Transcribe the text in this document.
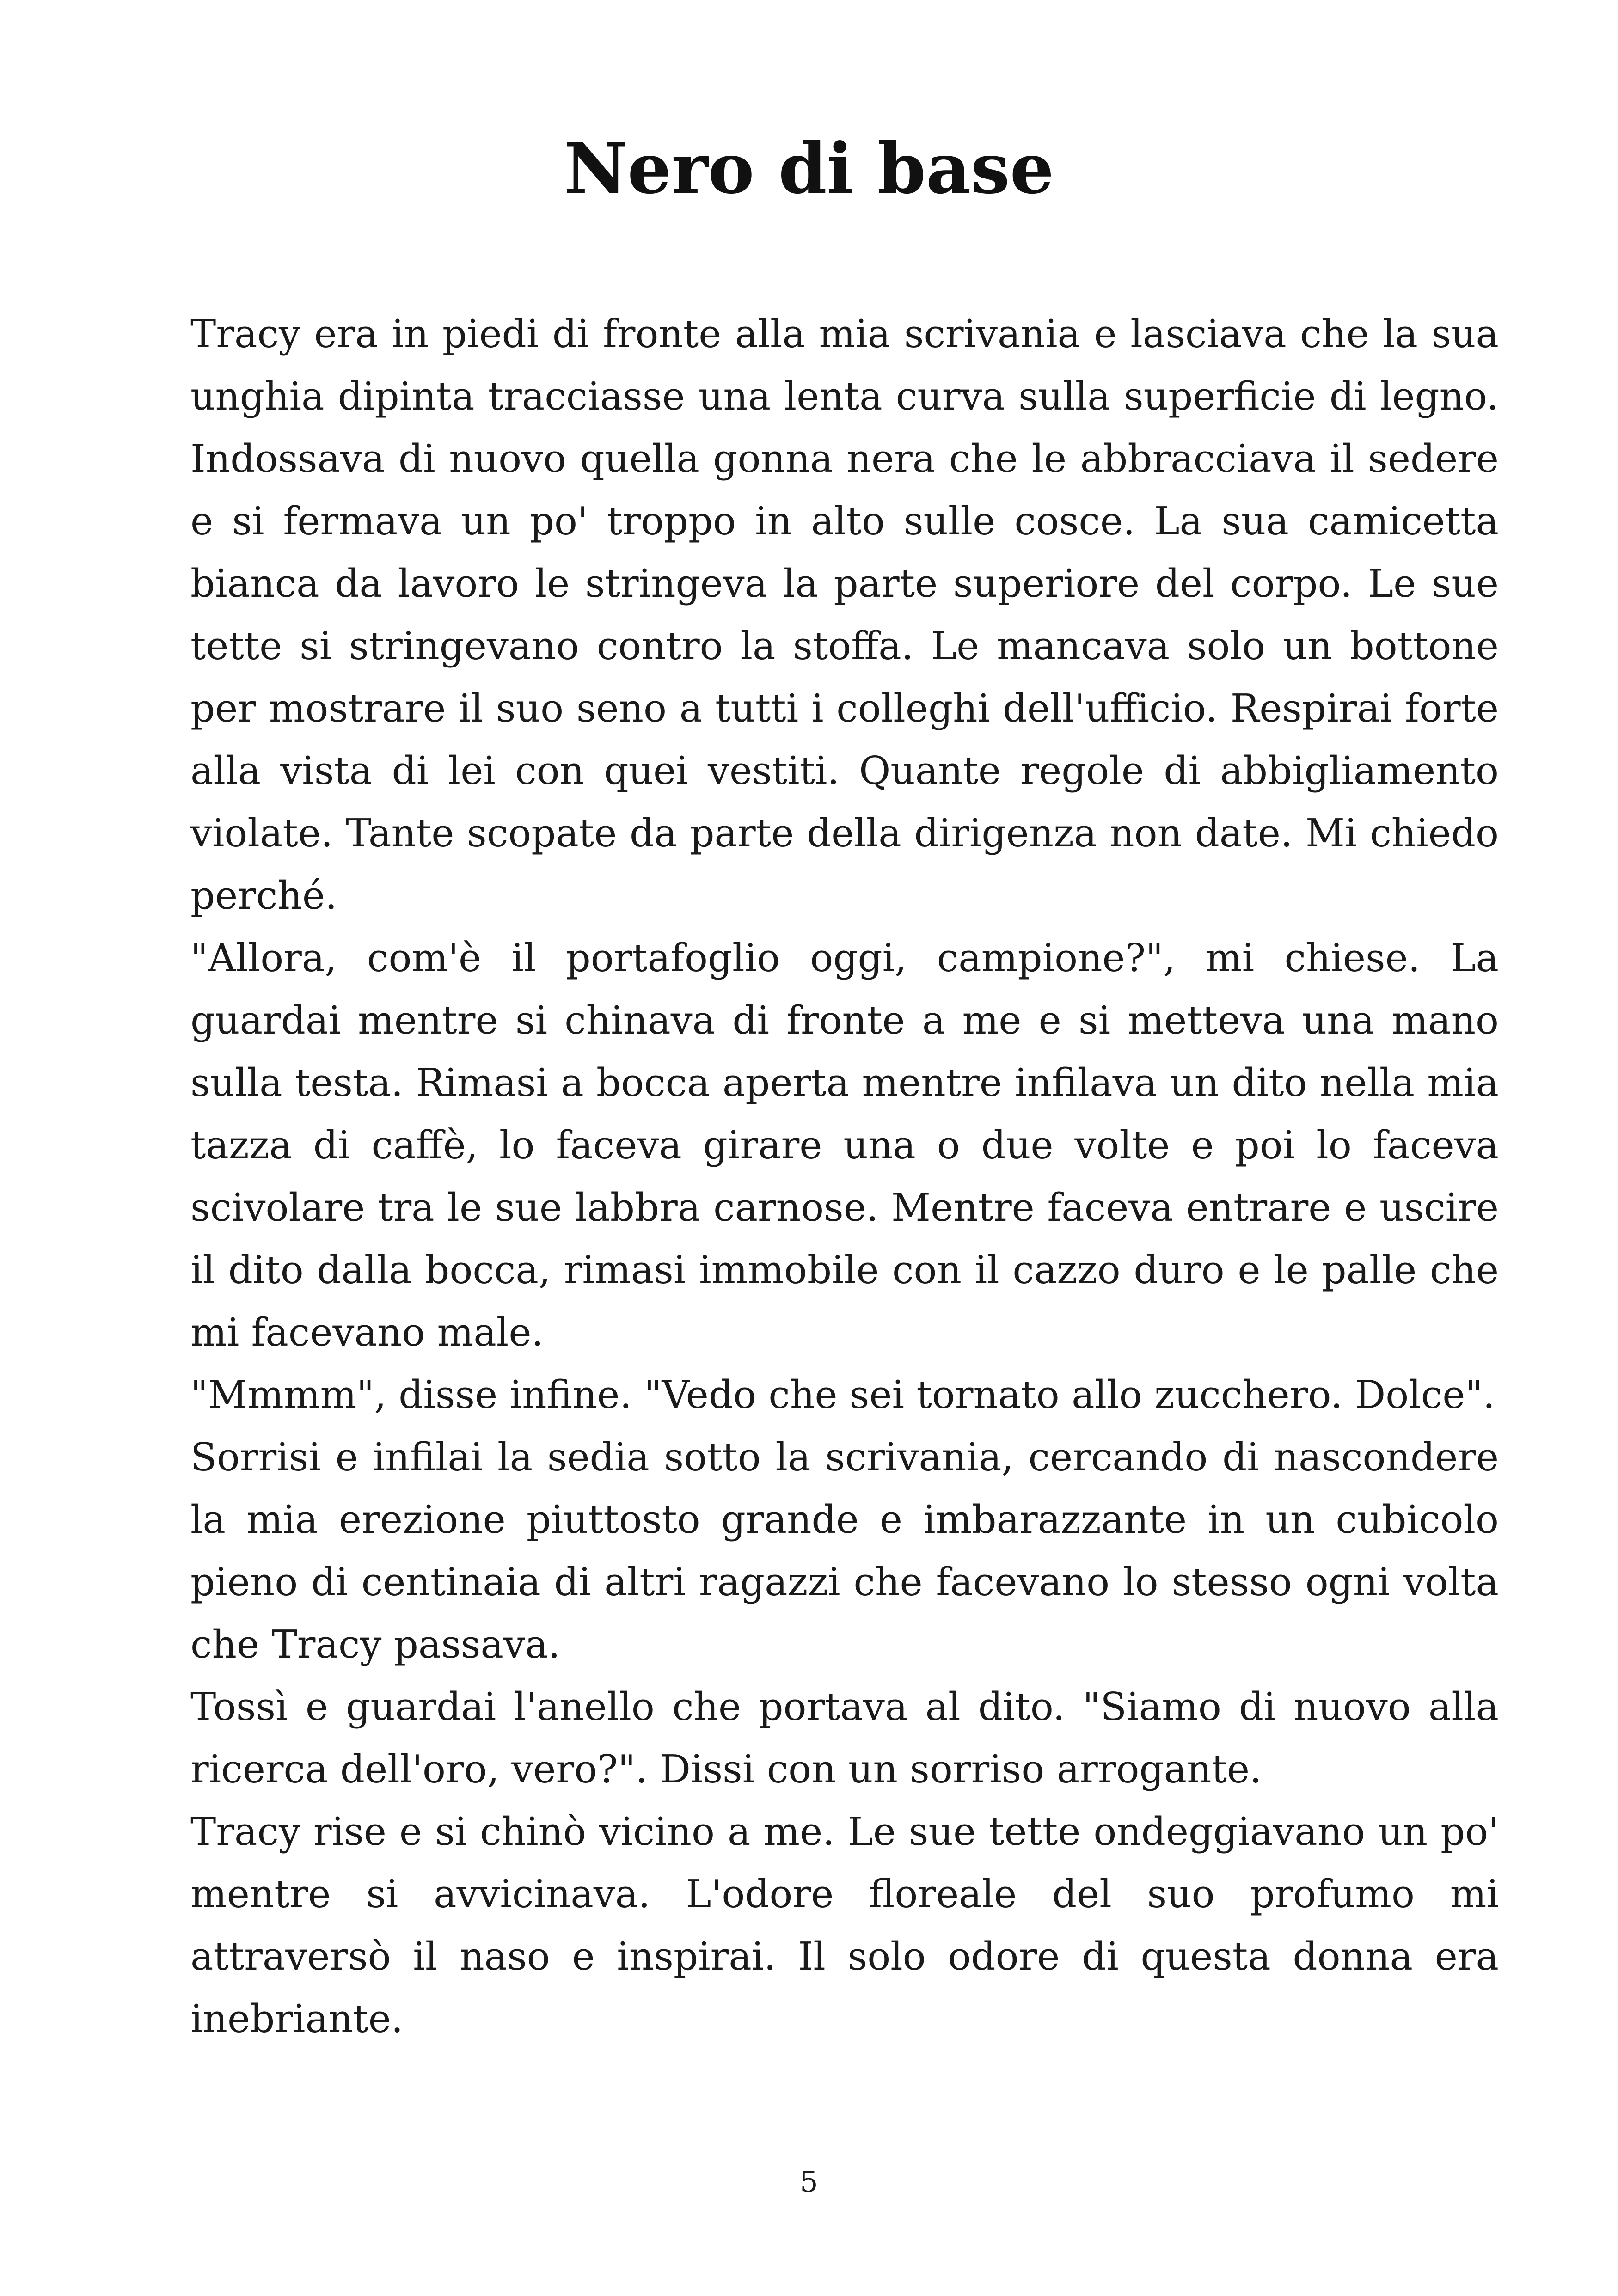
Nero di base

Tracy era in piedi di fronte alla mia scrivania e lasciava che la sua unghia dipinta tracciasse una lenta curva sulla superficie di legno. Indossava di nuovo quella gonna nera che le abbracciava il sedere e si fermava un po' troppo in alto sulle cosce. La sua camicetta bianca da lavoro le stringeva la parte superiore del corpo. Le sue tette si stringevano contro la stoffa. Le mancava solo un bottone per mostrare il suo seno a tutti i colleghi dell'ufficio. Respirai forte alla vista di lei con quei vestiti. Quante regole di abbigliamento violate. Tante scopate da parte della dirigenza non date. Mi chiedo perché.

"Allora, com'è il portafoglio oggi, campione?", mi chiese. La guardai mentre si chinava di fronte a me e si metteva una mano sulla testa. Rimasi a bocca aperta mentre infilava un dito nella mia tazza di caffè, lo faceva girare una o due volte e poi lo faceva scivolare tra le sue labbra carnose. Mentre faceva entrare e uscire il dito dalla bocca, rimasi immobile con il cazzo duro e le palle che mi facevano male.

"Mmmm", disse infine. "Vedo che sei tornato allo zucchero. Dolce".

Sorrisi e infilai la sedia sotto la scrivania, cercando di nascondere la mia erezione piuttosto grande e imbarazzante in un cubicolo pieno di centinaia di altri ragazzi che facevano lo stesso ogni volta che Tracy passava.

Tossì e guardai l'anello che portava al dito. "Siamo di nuovo alla ricerca dell'oro, vero?". Dissi con un sorriso arrogante.

Tracy rise e si chinò vicino a me. Le sue tette ondeggiavano un po' mentre si avvicinava. L'odore floreale del suo profumo mi attraversò il naso e inspirai. Il solo odore di questa donna era inebriante.

5
